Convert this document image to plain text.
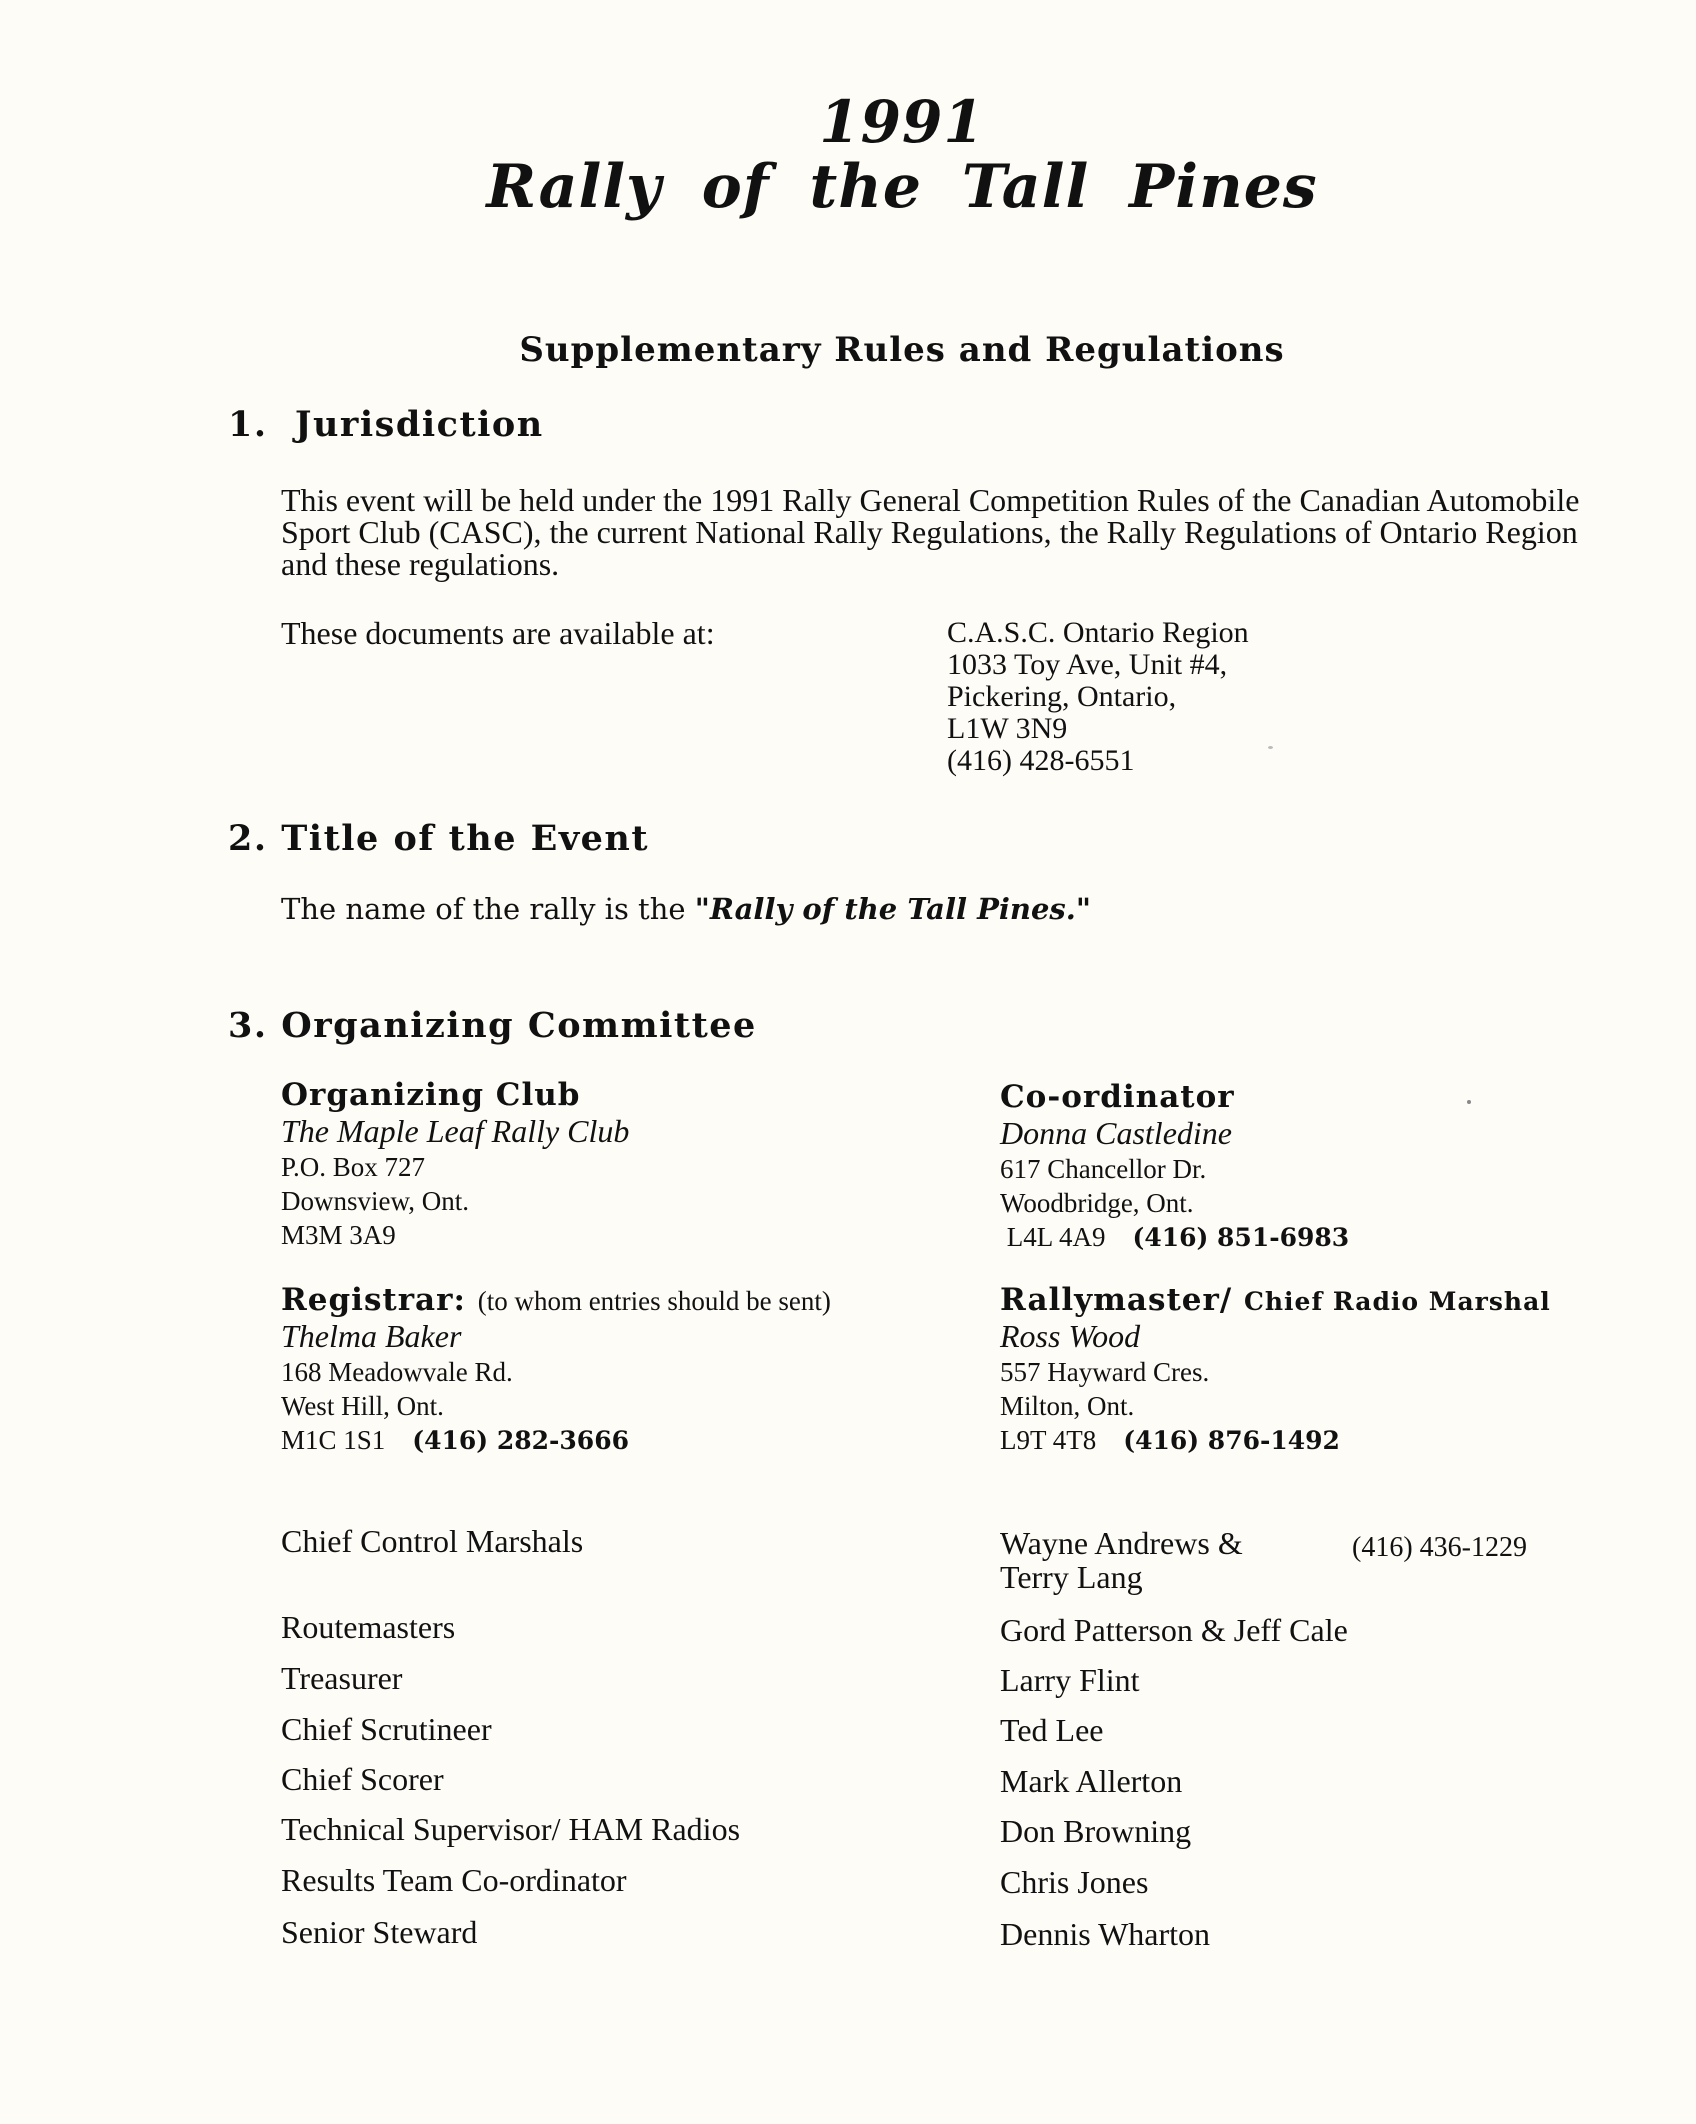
1991
Rally of the Tall Pines
Supplementary Rules and Regulations
1. Jurisdiction

This event will be held under the 1991 Rally General Competition Rules of the Canadian Automobile Sport Club (CASC), the current National Rally Regulations, the Rally Regulations of Ontario Region and these regulations.

These documents are available at:	C.A.S.C. Ontario Region
1033 Toy Ave, Unit #4,
Pickering, Ontario,
L1W 3N9
(416) 428-6551
2. Title of the Event
The name of the rally is the "Rally of the Tall Pines."
3. Organizing Committee
Organizing Club
The Maple Leaf Rally Club
P.O. Box 727
Downsview, Ont.
M3M 3A9
Co-ordinator
Donna Castledine
617 Chancellor Dr.
Woodbridge, Ont.
L4L 4A9 (416) 851-6983
Registrar: (to whom entries should be sent)
Thelma Baker
168 Meadowvale Rd.
West Hill, Ont.
M1C 1S1 (416) 282-3666
Rallymaster/ Chief Radio Marshal
Ross Wood
557 Hayward Cres.
Milton, Ont.
L9T 4T8 (416) 876-1492
Chief Control Marshals	Wayne Andrews &
Terry Lang
(416) 436-1229
Routemasters	Gord Patterson & Jeff Cale
Treasurer	Larry Flint
Chief Scrutineer	Ted Lee
Chief Scorer	Mark Allerton
Technical Supervisor/ HAM Radios	Don Browning
Results Team Co-ordinator	Chris Jones
Senior Steward	Dennis Wharton
